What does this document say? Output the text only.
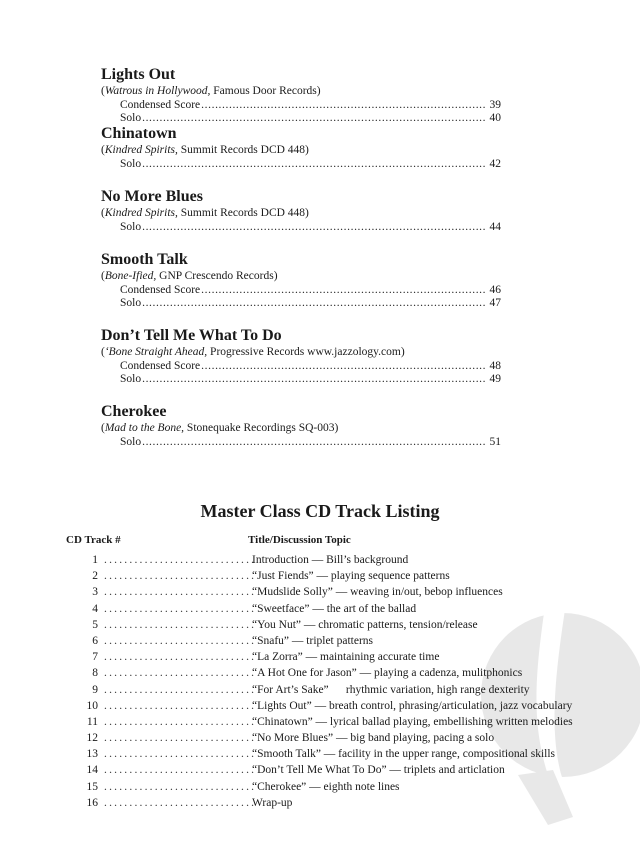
Lights Out
(Watrous in Hollywood, Famous Door Records)
Condensed Score .....	39
Solo .....	40
Chinatown
(Kindred Spirits, Summit Records DCD 448)
Solo .....	42
No More Blues
(Kindred Spirits, Summit Records DCD 448)
Solo .....	44
Smooth Talk
(Bone-Ified, GNP Crescendo Records)
Condensed Score .....	46
Solo .....	47
Don’t Tell Me What To Do
(‘Bone Straight Ahead, Progressive Records www.jazzology.com)
Condensed Score .....	48
Solo .....	49
Cherokee
(Mad to the Bone, Stonequake Recordings SQ-003)
Solo .....	51
Master Class CD Track Listing
CD Track #	Title/Discussion Topic
1 .....	Introduction — Bill’s background
2 .....	“Just Fiends” — playing sequence patterns
3 .....	“Mudslide Solly” — weaving in/out, bebop influences
4 .....	“Sweetface” — the art of the ballad
5 .....	“You Nut” — chromatic patterns, tension/release
6 .....	“Snafu” — triplet patterns
7 .....	“La Zorra” — maintaining accurate time
8 .....	“A Hot One for Jason” — playing a cadenza, mulitphonics
9 .....	“For Art’s Sake”      rhythmic variation, high range dexterity
10 .....	“Lights Out” — breath control, phrasing/articulation, jazz vocabulary
11 .....	“Chinatown” — lyrical ballad playing, embellishing written melodies
12 .....	“No More Blues” — big band playing, pacing a solo
13 .....	“Smooth Talk” — facility in the upper range, compositional skills
14 .....	“Don’t Tell Me What To Do” — triplets and articlation
15 .....	“Cherokee” — eighth note lines
16 .....	Wrap-up
